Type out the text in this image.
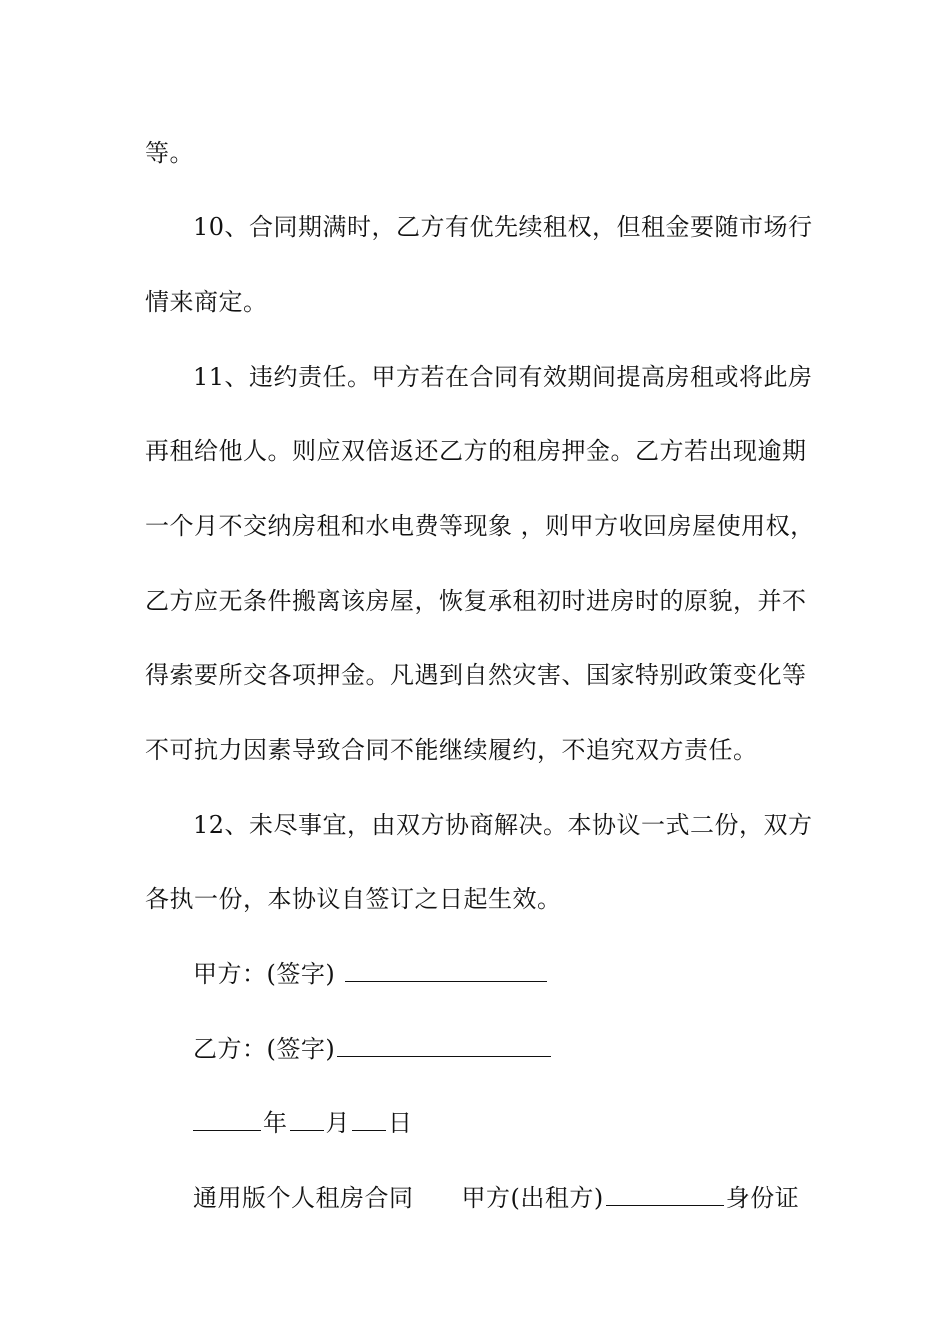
等。
10、合同期满时，乙方有优先续租权，但租金要随市场行
情来商定。
11、违约责任。甲方若在合同有效期间提高房租或将此房
再租给他人。则应双倍返还乙方的租房押金。乙方若出现逾期
一个月不交纳房租和水电费等现象 ，则甲方收回房屋使用权，
乙方应无条件搬离该房屋，恢复承租初时进房时的原貌，并不
得索要所交各项押金。凡遇到自然灾害、国家特别政策变化等
不可抗力因素导致合同不能继续履约，不追究双方责任。
12、未尽事宜，由双方协商解决。本协议一式二份，双方
各执一份，本协议自签订之日起生效。
甲方：(签字)
乙方：(签字)
年 月 日
通用版个人租房合同 甲方(出租方)	身份证
